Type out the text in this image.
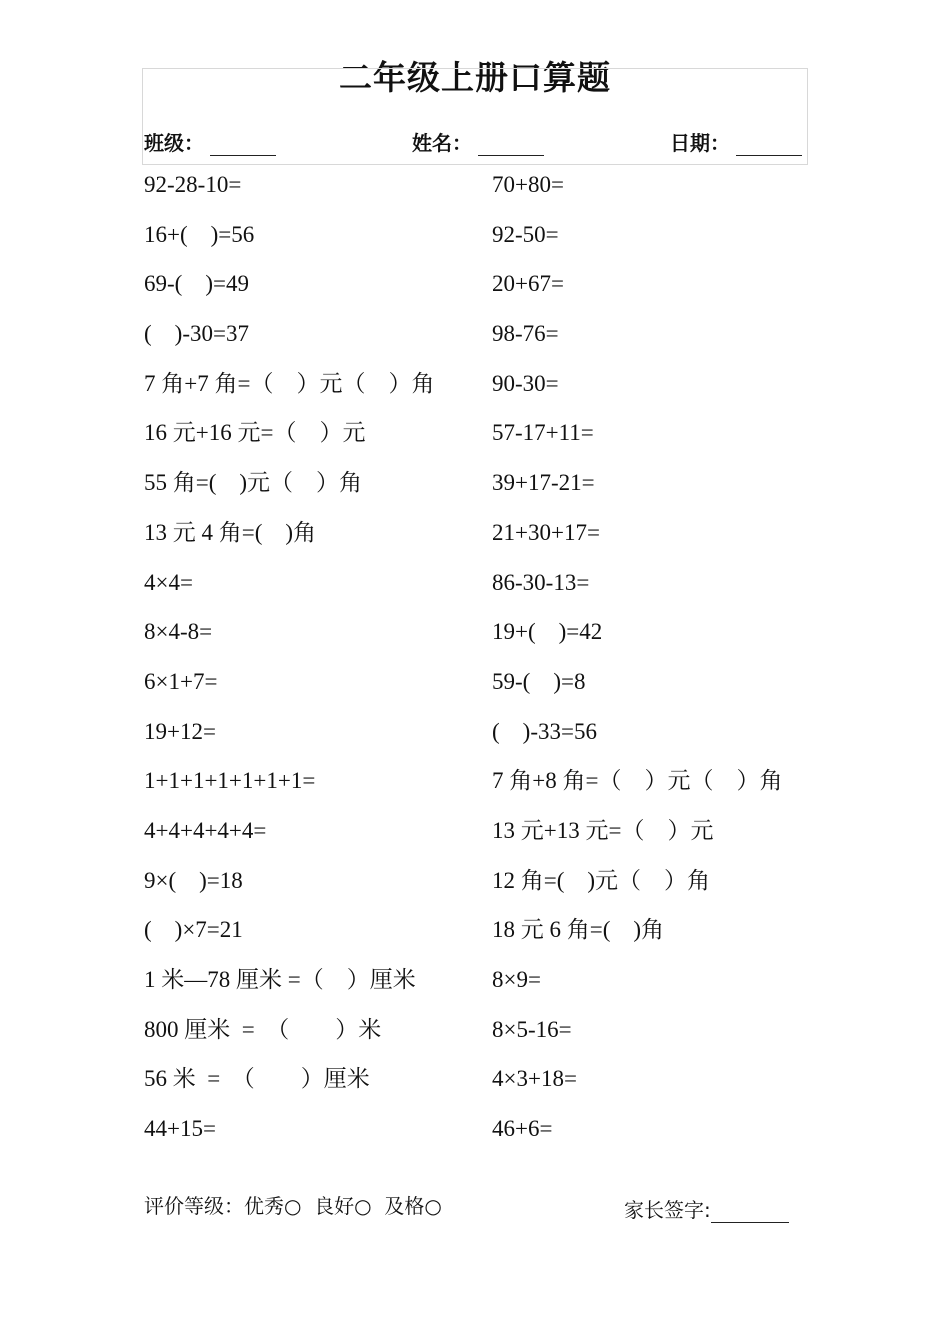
二年级上册口算题
班级：	姓名：	日期：
92-28-10=
16+(    )=56
69-(    )=49
(    )-30=37
7 角+7 角=（    ）元（    ）角
16 元+16 元=（    ）元
55 角=(    )元（    ）角
13 元 4 角=(    )角
4×4=
8×4-8=
6×1+7=
19+12=
1+1+1+1+1+1+1=
4+4+4+4+4=
9×(    )=18
(    )×7=21
1 米—78 厘米 =（    ）厘米
800 厘米  =  （        ）米
56 米  =  （        ）厘米
44+15=
70+80=
92-50=
20+67=
98-76=
90-30=
57-17+11=
39+17-21=
21+30+17=
86-30-13=
19+(    )=42
59-(    )=8
(    )-33=56
7 角+8 角=（    ）元（    ）角
13 元+13 元=（    ）元
12 角=(    )元（    ）角
18 元 6 角=(    )角
8×9=
8×5-16=
4×3+18=
46+6=
评价等级：优秀○  良好○  及格○	家长签字:
